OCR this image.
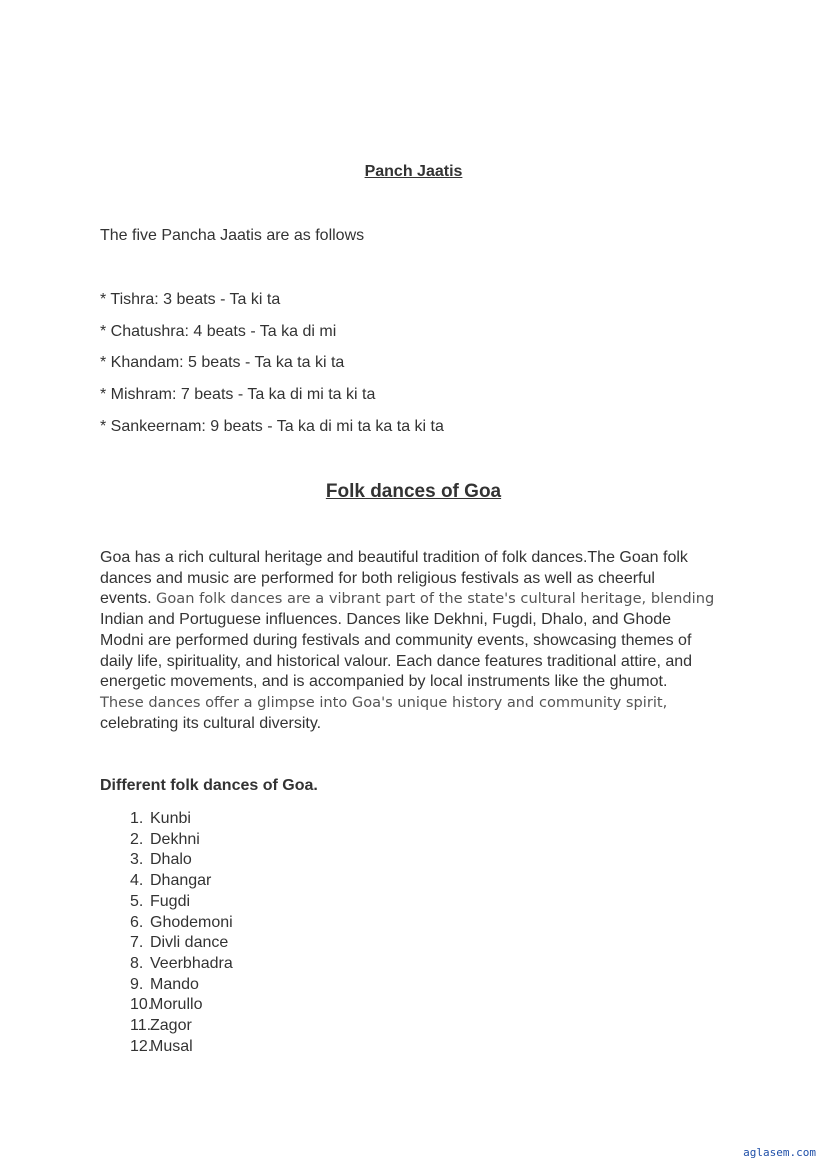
Panch Jaatis
The five Pancha Jaatis are as follows
* Tishra: 3 beats - Ta ki ta
* Chatushra: 4 beats - Ta ka di mi
* Khandam: 5 beats - Ta ka ta ki ta
* Mishram: 7 beats - Ta ka di mi ta ki ta
* Sankeernam: 9 beats - Ta ka di mi ta ka ta ki ta
Folk dances of Goa
Goa has a rich cultural heritage and beautiful tradition of folk dances.The Goan folk
dances and music are performed for both religious festivals as well as cheerful
events. Goan folk dances are a vibrant part of the state's cultural heritage, blending
Indian and Portuguese influences. Dances like Dekhni, Fugdi, Dhalo, and Ghode
Modni are performed during festivals and community events, showcasing themes of
daily life, spirituality, and historical valour. Each dance features traditional attire, and
energetic movements, and is accompanied by local instruments like the ghumot.
These dances offer a glimpse into Goa's unique history and community spirit,
celebrating its cultural diversity.
Different folk dances of Goa.
1. Kunbi
2. Dekhni
3. Dhalo
4. Dhangar
5. Fugdi
6. Ghodemoni
7. Divli dance
8. Veerbhadra
9. Mando
10.
Morullo
11.
Zagor
12.
Musal
aglasem.com
